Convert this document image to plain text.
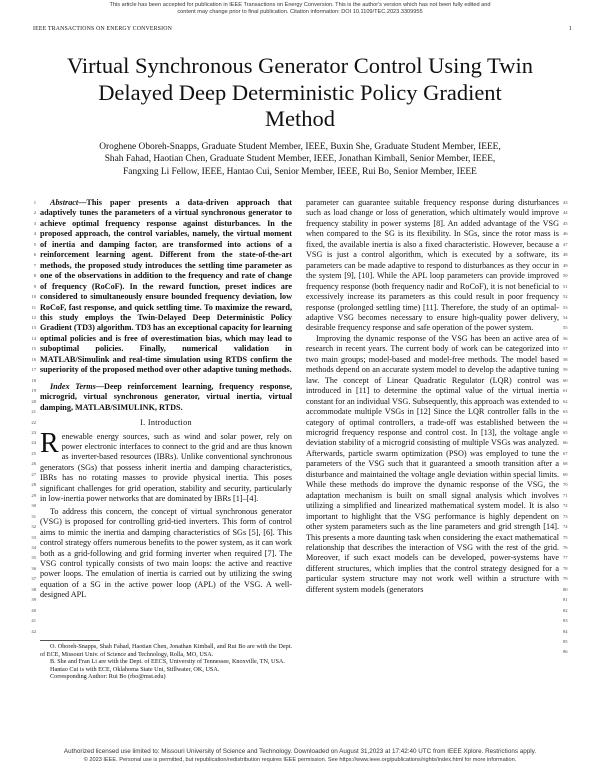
This article has been accepted for publication in IEEE Transactions on Energy Conversion. This is the author's version which has not been fully edited and
content may change prior to final publication. Citation information: DOI 10.1109/TEC.2023.3309955
IEEE TRANSACTIONS ON ENERGY CONVERSION	1
Virtual Synchronous Generator Control Using Twin
Delayed Deep Deterministic Policy Gradient
Method
Oroghene Oboreh-Snapps, Graduate Student Member, IEEE, Buxin She, Graduate Student Member, IEEE,
Shah Fahad, Haotian Chen, Graduate Student Member, IEEE, Jonathan Kimball, Senior Member, IEEE,
Fangxing Li Fellow, IEEE, Hantao Cui, Senior Member, IEEE, Rui Bo, Senior Member, IEEE
1
2
3
4
5
6
7
8
9
10
11
12
13
14
15
16
17
18
19
20
21
22
23
24
25
26
27
28
29
30
31
32
33
34
35
36
37
38
39
40
41
42
43
44
45
46
47
48
49
50
51
52
53
54
55
56
57
58
59
60
61
62
63
64
65
66
67
68
69
70
71
72
73
74
75
76
77
78
79
80
81
82
83
84
85
86

Abstract—This paper presents a data-driven approach that adaptively tunes the parameters of a virtual synchronous generator to achieve optimal frequency response against disturbances. In the proposed approach, the control variables, namely, the virtual moment of inertia and damping factor, are transformed into actions of a reinforcement learning agent. Different from the state-of-the-art methods, the proposed study introduces the settling time parameter as one of the observations in addition to the frequency and rate of change of frequency (RoCoF). In the reward function, preset indices are considered to simultaneously ensure bounded frequency deviation, low RoCoF, fast response, and quick settling time. To maximize the reward, this study employs the Twin-Delayed Deep Deterministic Policy Gradient (TD3) algorithm. TD3 has an exceptional capacity for learning optimal policies and is free of overestimation bias, which may lead to suboptimal policies. Finally, numerical validation in MATLAB/Simulink and real-time simulation using RTDS confirm the superiority of the proposed method over other adaptive tuning methods.

Index Terms—Deep reinforcement learning, frequency response, microgrid, virtual synchronous generator, virtual inertia, virtual damping, MATLAB/SIMULINK, RTDS.

I. Introduction
R enewable energy sources, such as wind and solar power, rely on power electronic interfaces to connect to the grid and are thus known as inverter-based resources (IBRs). Unlike conventional synchronous generators (SGs) that possess inherit inertia and damping characteristics, IBRs has no rotating masses to provide physical inertia. This poses significant challenges for grid operation, stability and security, particularly in low-inertia power networks that are dominated by IBRs [1]–[4].

To address this concern, the concept of virtual synchronous generator (VSG) is proposed for controlling grid-tied inverters. This form of control aims to mimic the inertia and damping characteristics of SGs [5], [6]. This control strategy offers numerous benefits to the power system, as it can work both as a grid-following and grid forming inverter when required [7]. The VSG control typically consists of two main loops: the active and reactive power loops. The emulation of inertia is carried out by utilizing the swing equation of a SG in the active power loop (APL) of the VSG. A well-designed APL

O. Oboreh-Snapps, Shah Fahad, Haotian Chen, Jonathan Kimball, and Rui Bo are with the Dept. of ECE, Missouri Univ. of Science and Technology, Rolla, MO, USA.

B. She and Fran Li are with the Dept. of EECS, University of Tennessee, Knoxville, TN, USA.

Hantao Cui is with ECE, Oklahoma State Uni, Stillwater, OK, USA.

Corresponding Author: Rui Bo (rbo@mst.edu)

parameter can guarantee suitable frequency response during disturbances such as load change or loss of generation, which ultimately would improve frequency stability in power systems [8]. An added advantage of the VSG when compared to the SG is its flexibility. In SGs, since the rotor mass is fixed, the available inertia is also a fixed characteristic. However, because a VSG is just a control algorithm, which is executed by a software, its parameters can be made adaptive to respond to disturbances as they occur in the system [9], [10]. While the APL loop parameters can provide improved frequency response (both frequency nadir and RoCoF), it is not beneficial to excessively increase its parameters as this could result in poor frequency response (prolonged settling time) [11]. Therefore, the study of an optimal-adaptive VSG becomes necessary to ensure high-quality power delivery, desirable frequency response and safe operation of the power system.

Improving the dynamic response of the VSG has been an active area of research in recent years. The current body of work can be categorized into two main groups; model-based and model-free methods. The model based methods depend on an accurate system model to develop the adaptive tuning law. The concept of Linear Quadratic Regulator (LQR) control was introduced in [11] to determine the optimal value of the virtual inertia constant for an individual VSG. Subsequently, this approach was extended to accommodate multiple VSGs in [12] Since the LQR controller falls in the category of optimal controllers, a trade-off was established between the microgrid frequency response and control cost. In [13], the voltage angle deviation stability of a microgrid consisting of multiple VSGs was analyzed. Afterwards, particle swarm optimization (PSO) was employed to tune the parameters of the VSG such that it guaranteed a smooth transition after a disturbance and maintained the voltage angle deviation within special limits. While these methods do improve the dynamic response of the VSG, the adaptation mechanism is built on small signal analysis which involves utilizing a simplified and linearized mathematical system model. It is also important to highlight that the VSG performance is highly dependent on other system parameters such as the line parameters and grid strength [14]. This presents a more daunting task when considering the exact mathematical relationship that describes the interaction of VSG with the rest of the grid. Moreover, if such exact models can be developed, power-systems have different structures, which implies that the control strategy designed for a particular system structure may not work well within a structure with different system models (generators

Authorized licensed use limited to: Missouri University of Science and Technology. Downloaded on August 31,2023 at 17:42:40 UTC from IEEE Xplore. Restrictions apply.
© 2023 IEEE. Personal use is permitted, but republication/redistribution requires IEEE permission. See https://www.ieee.org/publications/rights/index.html for more information.
